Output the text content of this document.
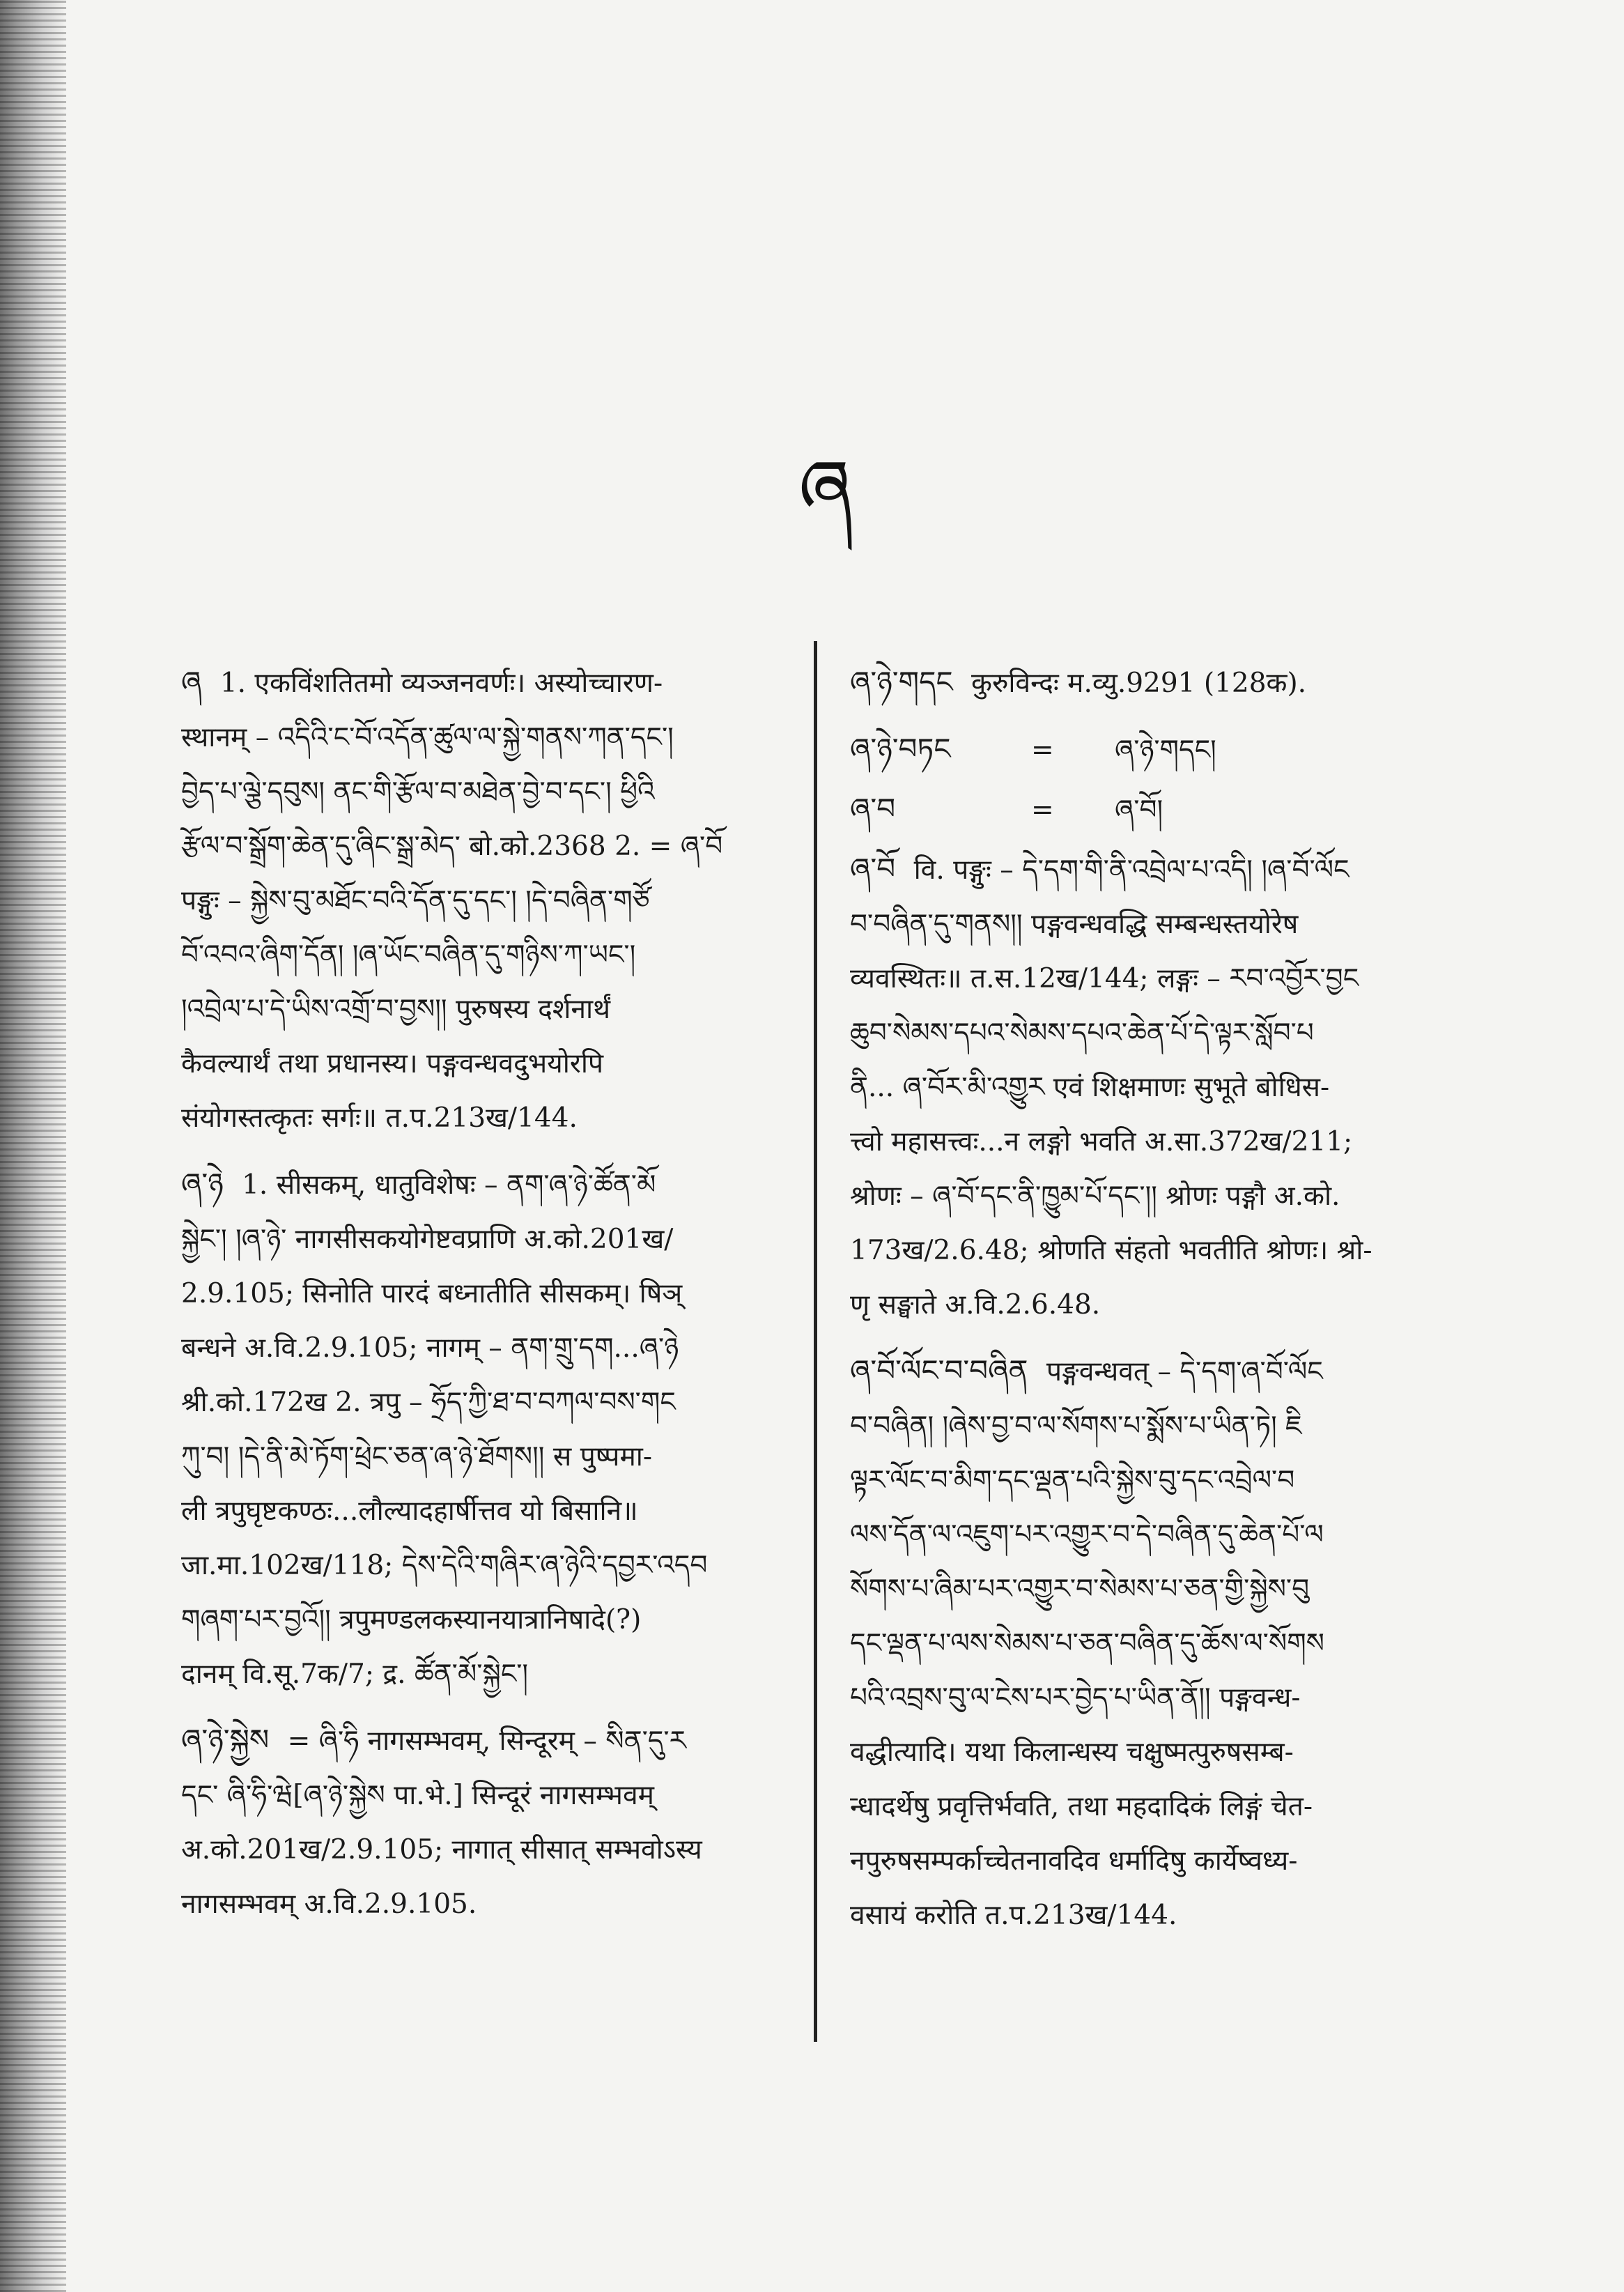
ཞ

ཞ 1. एकविंशतितमो व्यञ्जनवर्णः। अस्योच्चारण-
स्थानम् – འདིའི་ང་བོ་འདོན་ཚུལ་ལ་སྐྱེ་གནས་ཀན་དང་།
བྱེད་པ་ལྕེ་དབུས། ནང་གི་རྩོལ་བ་མཐེན་བྱེ་བ་དང་། ཕྱིའི
རྩོལ་བ་སྒྲོག་ཆེན་དུ་ཞིང་སྒྲ་མེད་ बो.को.2368 2. = ཞ་བོ
पङ्गुः – སྐྱེས་བུ་མཐོང་བའི་དོན་དུ་དང་། །དེ་བཞིན་གཙོ
བོ་འབའ་ཞིག་དོན། །ཞ་ཡོང་བཞིན་དུ་གཉིས་ཀ་ཡང་།
།འབྲེལ་པ་དེ་ཡིས་འགྲོ་བ་བྱས།། पुरुषस्य दर्शनार्थं
कैवल्यार्थं तथा प्रधानस्य। पङ्गवन्धवदुभयोरपि
संयोगस्तत्कृतः सर्गः॥ त.प.213ख/144.

ཞ་ཉེ 1. सीसकम्, धातुविशेषः – ནག་ཞ་ཉེ་ཚོན་མོ
སྐྱེང་། །ཞ་ཉེ་ नागसीसकयोगेष्टवप्राणि अ.को.201ख/
2.9.105; सिनोति पारदं बध्नातीति सीसकम्। षिञ्
बन्धने अ.वि.2.9.105; नागम् – ནག་གྲུ་དག...ཞ་ཉེ
श्री.को.172ख 2. त्रपु – ཧྲོད་ཀྱི་ཐ་བ་བཀལ་བས་གང
ཀུ་བ། །དེ་ནི་མེ་ཏོག་ཕྲེང་ཅན་ཞ་ཉེ་ཐོགས།། स पुष्पमा-
ली त्रपुघृष्टकण्ठः...लौल्यादहार्षीत्तव यो बिसानि॥
जा.मा.102ख/118; དེས་དེའི་གཞིར་ཞ་ཉེའི་དབྱར་འདབ
གཞག་པར་བྱའོ།། त्रपुमण्डलकस्यानयात्रानिषादे(?)
दानम् वि.सू.7क/7; द्र. ཚོན་མོ་སྐྱེང་།

ཞ་ཉེ་སྐྱེས = ཞི་ཧི नागसम्भवम्, सिन्दूरम् – སིན་དུ་ར
དང་ ཞི་ཧི་ཝེ[ཞ་ཉེ་སྐྱེས पा.भे.] सिन्दूरं नागसम्भवम्
अ.को.201ख/2.9.105; नागात् सीसात् सम्भवोऽस्य
नागसम्भवम् अ.वि.2.9.105.

ཞ་ཉེ་གདང कुरुविन्दः म.व्यु.9291 (128क).

ཞ་ཉེ་བཏང	=	ཞ་ཉེ་གདང།
ཞ་བ	=	ཞ་བོ།

ཞ་བོ वि. पङ्गुः – དེ་དག་གི་ནི་འབྲེལ་པ་འདི། །ཞ་བོ་ལོང
བ་བཞིན་དུ་གནས།། पङ्गवन्धवद्धि सम्बन्धस्तयोरेष
व्यवस्थितः॥ त.स.12ख/144; लङ्गः – རབ་འབྱོར་བྱང
ཆུབ་སེམས་དཔའ་སེམས་དཔའ་ཆེན་པོ་དེ་ལྟར་སློབ་པ
ནི... ཞ་བོར་མི་འགྱུར एवं शिक्षमाणः सुभूते बोधिस-
त्त्वो महासत्त्वः...न लङ्गो भवति अ.सा.372ख/211;
श्रोणः – ཞ་བོ་དང་ནི་ཁྱུམ་པོ་དང་།། श्रोणः पङ्गौ अ.को.
173ख/2.6.48; श्रोणति संहतो भवतीति श्रोणः। श्रो-
णृ सङ्घाते अ.वि.2.6.48.

ཞ་བོ་ལོང་བ་བཞིན पङ्गवन्धवत् – དེ་དག་ཞ་བོ་ལོང
བ་བཞིན། །ཞེས་བྱ་བ་ལ་སོགས་པ་སྨོས་པ་ཡིན་ཏེ། ཇི
ལྟར་ལོང་བ་མིག་དང་ལྡན་པའི་སྐྱེས་བུ་དང་འབྲེལ་བ
ལས་དོན་ལ་འཇུག་པར་འགྱུར་བ་དེ་བཞིན་དུ་ཆེན་པོ་ལ
སོགས་པ་ཞིམ་པར་འགྱུར་བ་སེམས་པ་ཅན་གྱི་སྐྱེས་བུ
དང་ལྡན་པ་ལས་སེམས་པ་ཅན་བཞིན་དུ་ཆོས་ལ་སོགས
པའི་འབྲས་བུ་ལ་ངེས་པར་བྱེད་པ་ཡིན་ནོ།། पङ्गवन्ध-
वद्धीत्यादि। यथा किलान्धस्य चक्षुष्मत्पुरुषसम्ब-
न्धादर्थेषु प्रवृत्तिर्भवति, तथा महदादिकं लिङ्गं चेत-
नपुरुषसम्पर्काच्चेतनावदिव धर्मादिषु कार्येष्वध्य-
वसायं करोति त.प.213ख/144.
